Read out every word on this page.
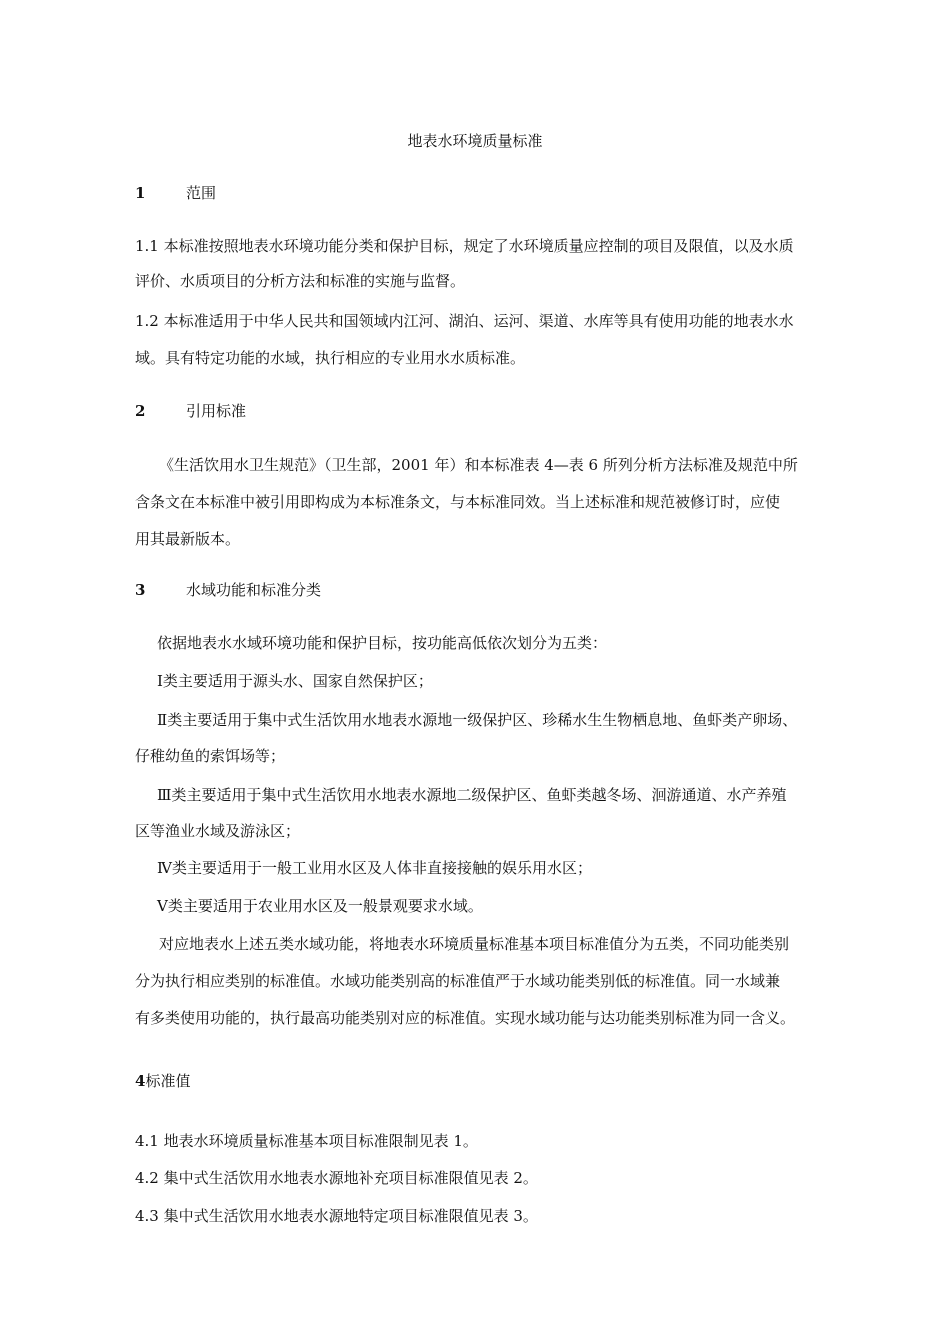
地表水环境质量标准
1	范围
1.1 本标准按照地表水环境功能分类和保护目标，规定了水环境质量应控制的项目及限值，以及水质
评价、水质项目的分析方法和标准的实施与监督。
1.2 本标准适用于中华人民共和国领域内江河、湖泊、运河、渠道、水库等具有使用功能的地表水水
域。具有特定功能的水域，执行相应的专业用水水质标准。
2	引用标准
《生活饮用水卫生规范》（卫生部，2001 年）和本标准表 4—表 6 所列分析方法标准及规范中所
含条文在本标准中被引用即构成为本标准条文，与本标准同效。当上述标准和规范被修订时，应使
用其最新版本。
3	水域功能和标准分类
依据地表水水域环境功能和保护目标，按功能高低依次划分为五类：
Ⅰ类主要适用于源头水、国家自然保护区；
Ⅱ类主要适用于集中式生活饮用水地表水源地一级保护区、珍稀水生生物栖息地、鱼虾类产卵场、
仔稚幼鱼的索饵场等；
Ⅲ类主要适用于集中式生活饮用水地表水源地二级保护区、鱼虾类越冬场、洄游通道、水产养殖
区等渔业水域及游泳区；
Ⅳ类主要适用于一般工业用水区及人体非直接接触的娱乐用水区；
Ⅴ类主要适用于农业用水区及一般景观要求水域。
对应地表水上述五类水域功能，将地表水环境质量标准基本项目标准值分为五类，不同功能类别
分为执行相应类别的标准值。水域功能类别高的标准值严于水域功能类别低的标准值。同一水域兼
有多类使用功能的，执行最高功能类别对应的标准值。实现水域功能与达功能类别标准为同一含义。
4标准值
4.1 地表水环境质量标准基本项目标准限制见表 1。
4.2 集中式生活饮用水地表水源地补充项目标准限值见表 2。
4.3 集中式生活饮用水地表水源地特定项目标准限值见表 3。
